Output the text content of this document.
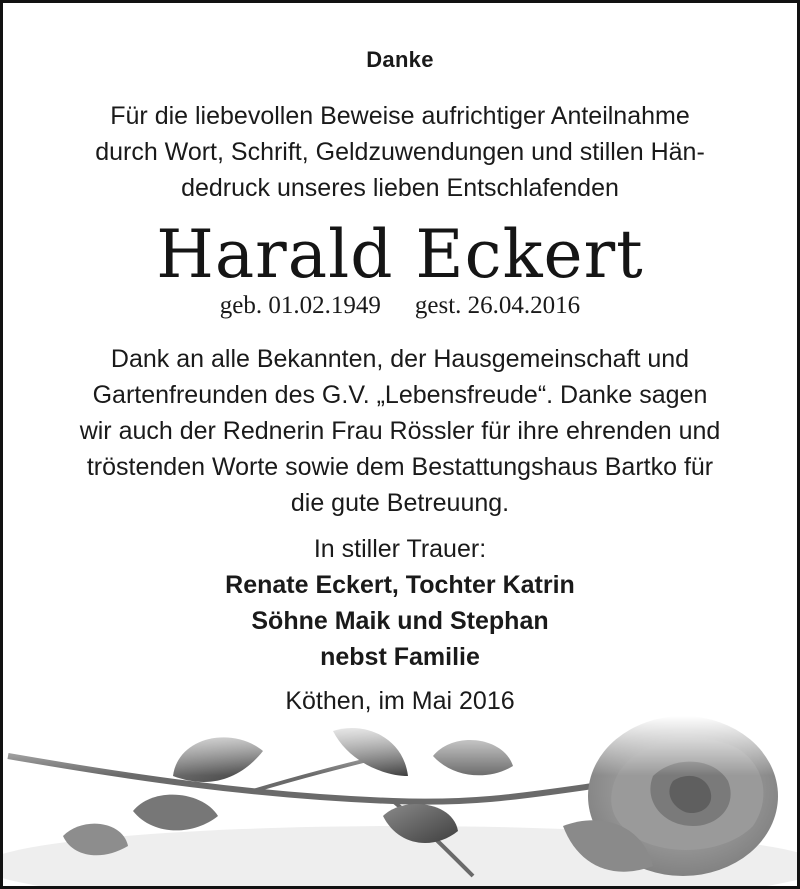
Danke
Für die liebevollen Beweise aufrichtiger Anteilnahme
durch Wort, Schrift, Geldzuwendungen und stillen Hän-
dedruck unseres lieben Entschlafenden
Harald Eckert
geb. 01.02.1949 gest. 26.04.2016
Dank an alle Bekannten, der Hausgemeinschaft und
Gartenfreunden des G.V. „Lebensfreude“. Danke sagen
wir auch der Rednerin Frau Rössler für ihre ehrenden und
tröstenden Worte sowie dem Bestattungshaus Bartko für
die gute Betreuung.
In stiller Trauer:
Renate Eckert, Tochter Katrin
Söhne Maik und Stephan
nebst Familie
Köthen, im Mai 2016
